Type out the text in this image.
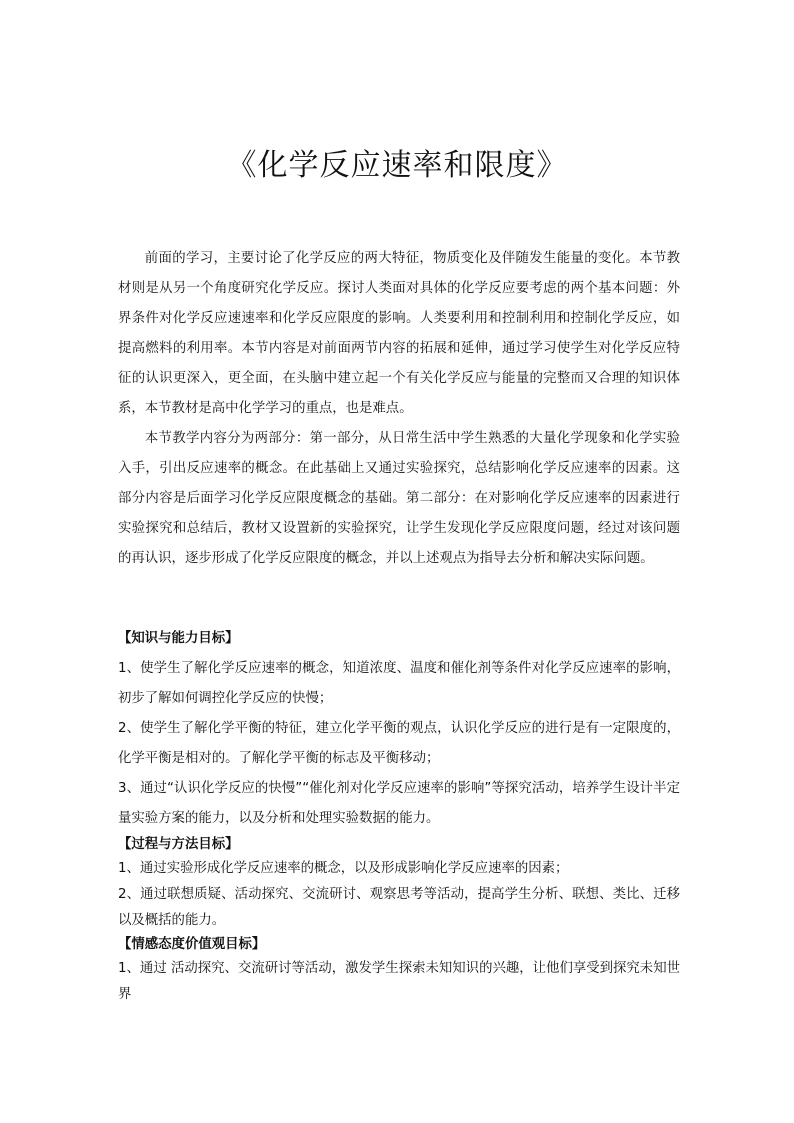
《化学反应速率和限度》

前面的学习，主要讨论了化学反应的两大特征，物质变化及伴随发生能量的变化。本节教材则是从另一个角度研究化学反应。探讨人类面对具体的化学反应要考虑的两个基本问题：外界条件对化学反应速速率和化学反应限度的影响。人类要利用和控制利用和控制化学反应，如提高燃料的利用率。本节内容是对前面两节内容的拓展和延伸，通过学习使学生对化学反应特征的认识更深入，更全面，在头脑中建立起一个有关化学反应与能量的完整而又合理的知识体系，本节教材是高中化学学习的重点，也是难点。

本节教学内容分为两部分：第一部分，从日常生活中学生熟悉的大量化学现象和化学实验入手，引出反应速率的概念。在此基础上又通过实验探究，总结影响化学反应速率的因素。这部分内容是后面学习化学反应限度概念的基础。第二部分：在对影响化学反应速率的因素进行实验探究和总结后，教材又设置新的实验探究，让学生发现化学反应限度问题，经过对该问题的再认识，逐步形成了化学反应限度的概念，并以上述观点为指导去分析和解决实际问题。

【知识与能力目标】

1、使学生了解化学反应速率的概念，知道浓度、温度和催化剂等条件对化学反应速率的影响，初步了解如何调控化学反应的快慢；

2、使学生了解化学平衡的特征，建立化学平衡的观点，认识化学反应的进行是有一定限度的，化学平衡是相对的。了解化学平衡的标志及平衡移动；

3、通过“认识化学反应的快慢”“催化剂对化学反应速率的影响”等探究活动，培养学生设计半定量实验方案的能力，以及分析和处理实验数据的能力。

【过程与方法目标】

1、通过实验形成化学反应速率的概念，以及形成影响化学反应速率的因素；

2、通过联想质疑、活动探究、交流研讨、观察思考等活动，提高学生分析、联想、类比、迁移以及概括的能力。

【情感态度价值观目标】

1、通过 活动探究、交流研讨等活动，激发学生探索未知知识的兴趣，让他们享受到探究未知世界
